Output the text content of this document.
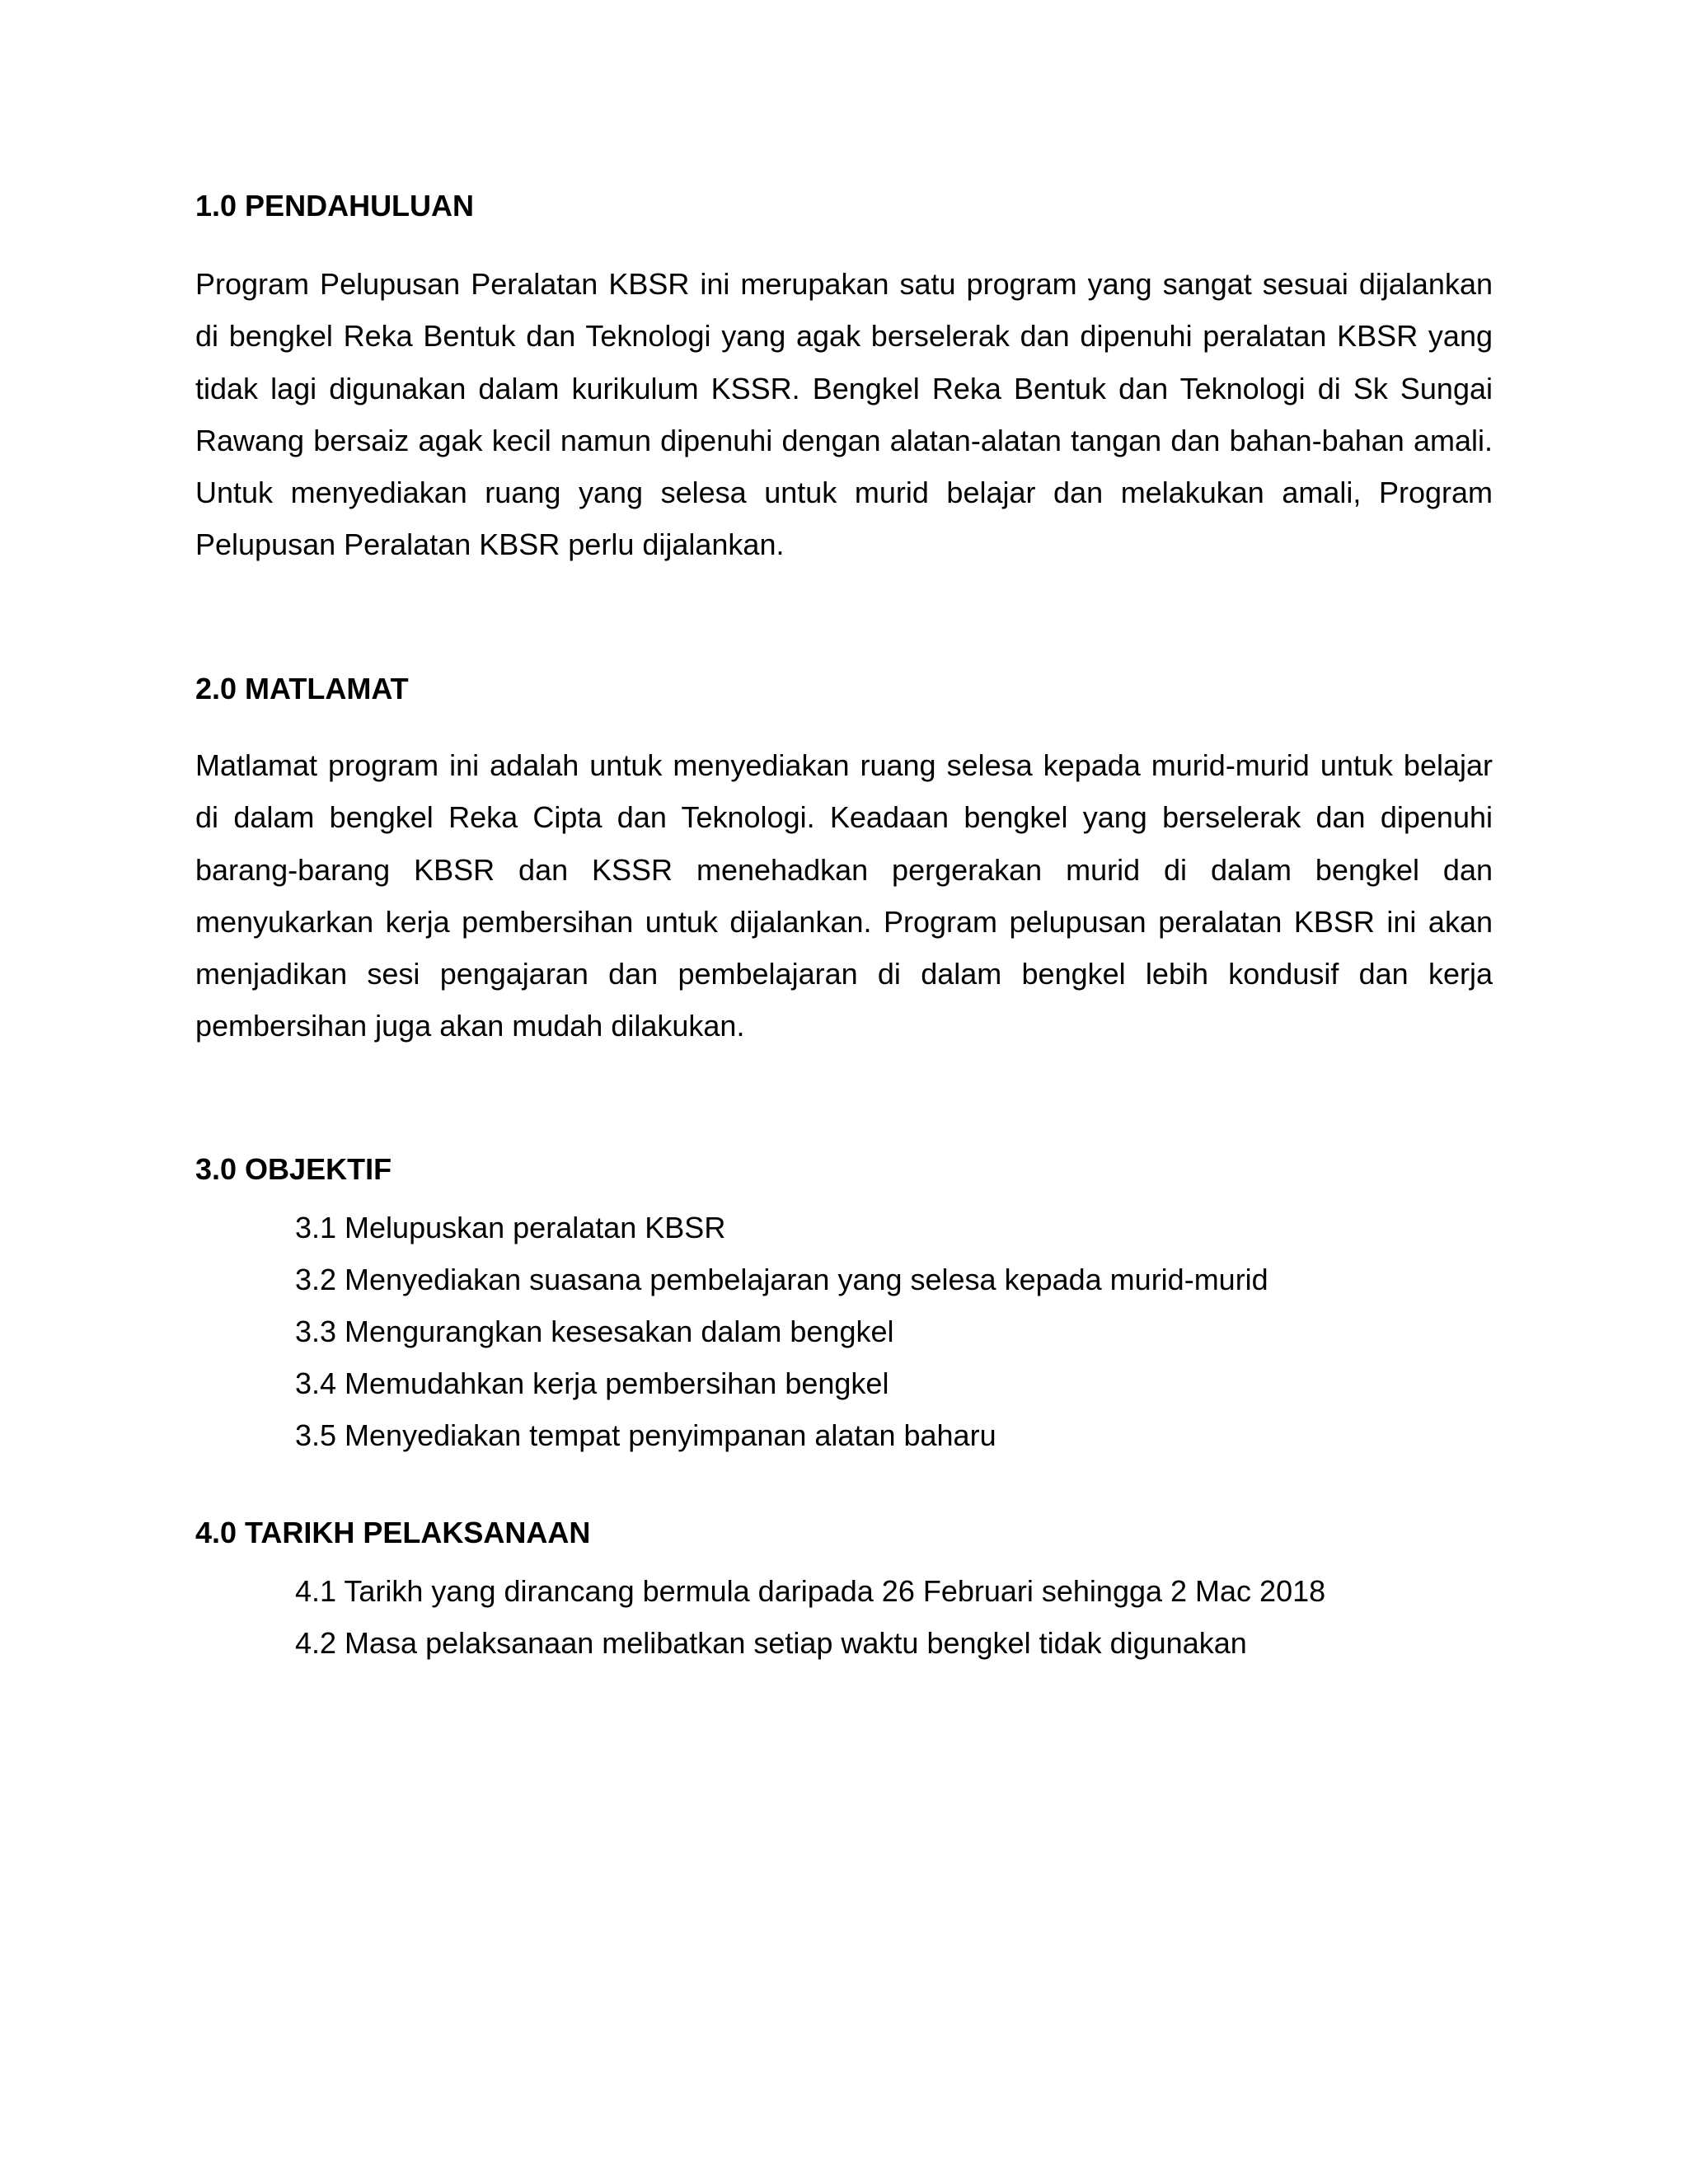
1.0 PENDAHULUAN

Program Pelupusan Peralatan KBSR ini merupakan satu program yang sangat sesuai dijalankan di bengkel Reka Bentuk dan Teknologi yang agak berselerak dan dipenuhi peralatan KBSR yang tidak lagi digunakan dalam kurikulum KSSR. Bengkel Reka Bentuk dan Teknologi di Sk Sungai Rawang bersaiz agak kecil namun dipenuhi dengan alatan-alatan tangan dan bahan-bahan amali. Untuk menyediakan ruang yang selesa untuk murid belajar dan melakukan amali, Program Pelupusan Peralatan KBSR perlu dijalankan.

2.0 MATLAMAT

Matlamat program ini adalah untuk menyediakan ruang selesa kepada murid-murid untuk belajar di dalam bengkel Reka Cipta dan Teknologi. Keadaan bengkel yang berselerak dan dipenuhi barang-barang KBSR dan KSSR menehadkan pergerakan murid di dalam bengkel dan menyukarkan kerja pembersihan untuk dijalankan. Program pelupusan peralatan KBSR ini akan menjadikan sesi pengajaran dan pembelajaran di dalam bengkel lebih kondusif dan kerja pembersihan juga akan mudah dilakukan.

3.0 OBJEKTIF
3.1 Melupuskan peralatan KBSR
3.2 Menyediakan suasana pembelajaran yang selesa kepada murid-murid
3.3 Mengurangkan kesesakan dalam bengkel
3.4 Memudahkan kerja pembersihan bengkel
3.5 Menyediakan tempat penyimpanan alatan baharu
4.0 TARIKH PELAKSANAAN
4.1 Tarikh yang dirancang bermula daripada 26 Februari sehingga 2 Mac 2018
4.2 Masa pelaksanaan melibatkan setiap waktu bengkel tidak digunakan
